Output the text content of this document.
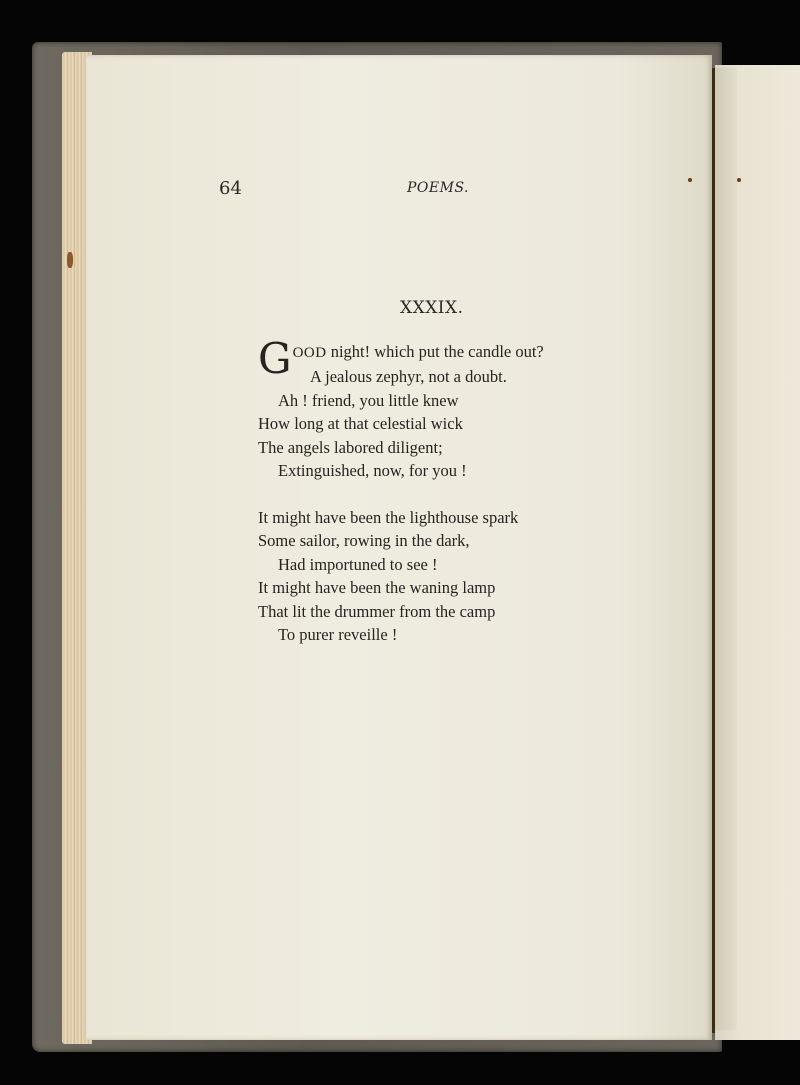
64	POEMS.
XXXIX.
GOOD night! which put the candle out?
A jealous zephyr, not a doubt.
Ah ! friend, you little knew
How long at that celestial wick
The angels labored diligent;
Extinguished, now, for you !
It might have been the lighthouse spark
Some sailor, rowing in the dark,
Had importuned to see !
It might have been the waning lamp
That lit the drummer from the camp
To purer reveille !
